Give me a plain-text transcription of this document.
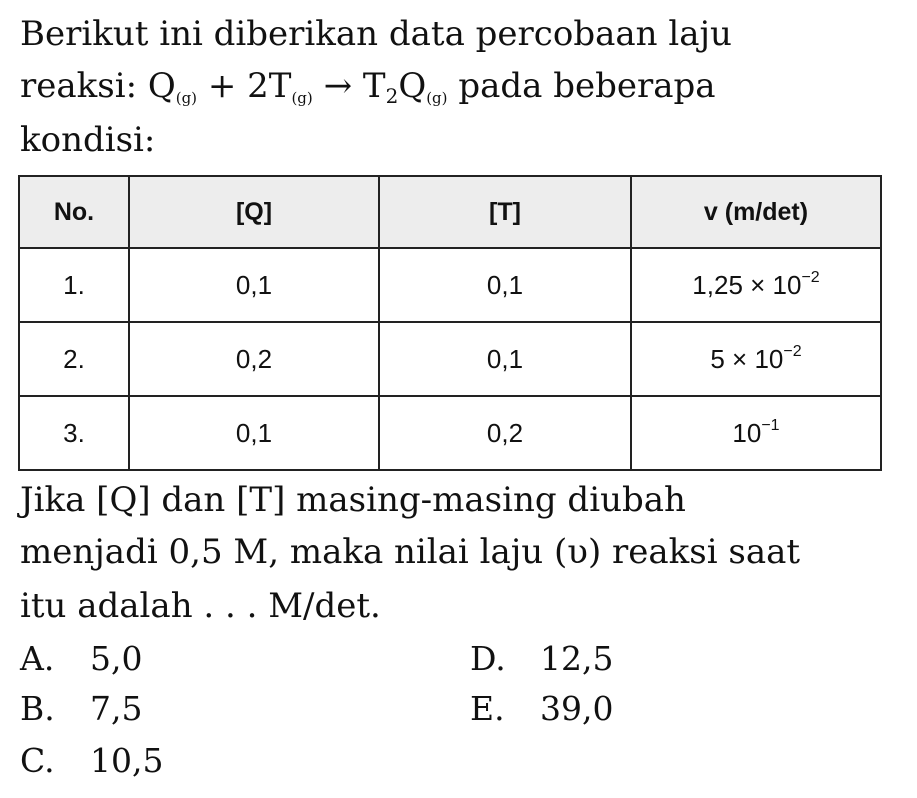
Berikut ini diberikan data percobaan laju
reaksi: $Q_{(g)} + 2T_{(g)} \to T_2Q_{(g)}$ pada beberapa
kondisi:
No.	[Q]	[T]	v (m/det)
1.	0,1	0,1	$1,25 \times 10^{-2}$
2.	0,2	0,1	$5 \times 10^{-2}$
3.	0,1	0,2	$10^{-1}$
Jika [Q] dan [T] masing-masing diubah
menjadi 0,5 M, maka nilai laju (υ) reaksi saat
itu adalah . . . M/det.
A. 5,0
B. 7,5
C. 10,5
D. 12,5
E. 39,0
